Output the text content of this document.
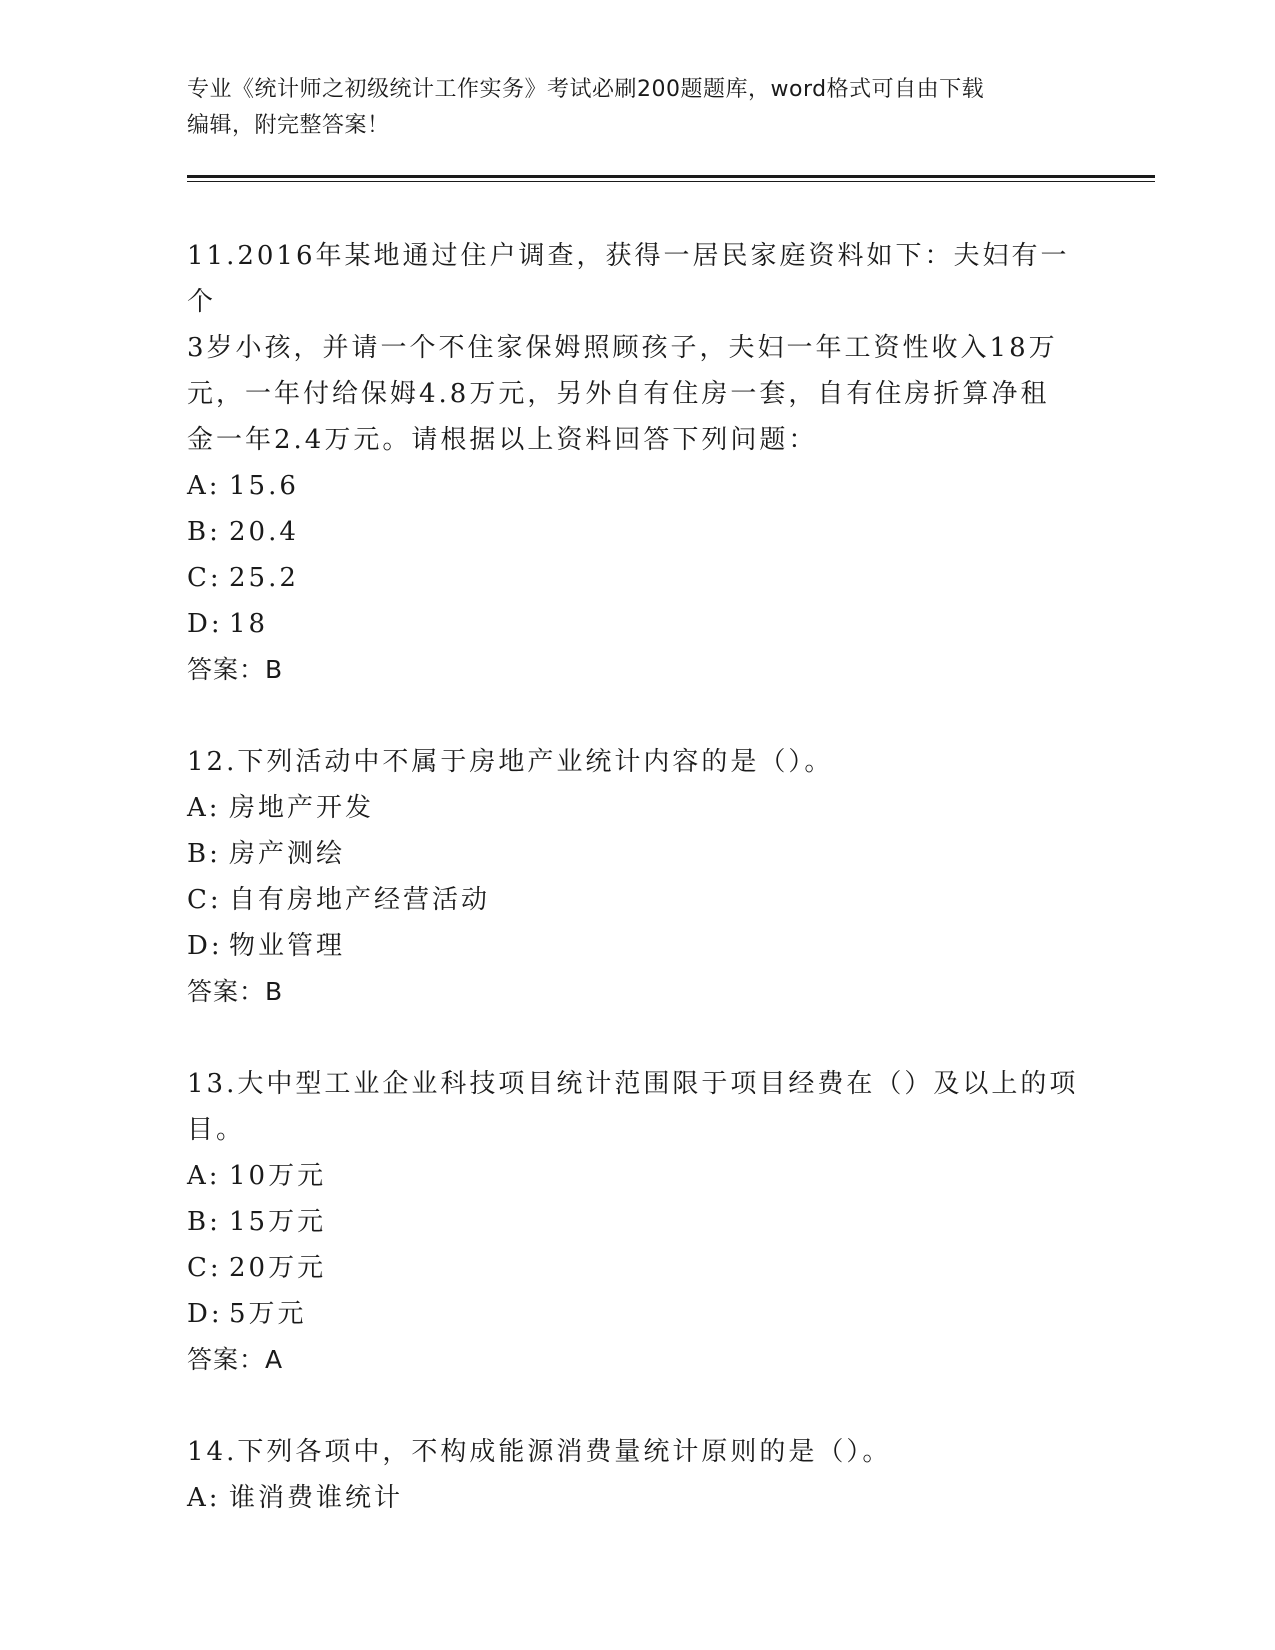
专业《统计师之初级统计工作实务》考试必刷200题题库，word格式可自由下载
编辑，附完整答案！

11.2016年某地通过住户调查，获得一居民家庭资料如下：夫妇有一个

3岁小孩，并请一个不住家保姆照顾孩子，夫妇一年工资性收入18万

元，一年付给保姆4.8万元，另外自有住房一套，自有住房折算净租

金一年2.4万元。请根据以上资料回答下列问题：

A: 15.6

B: 20.4

C: 25.2

D: 18

答案：B

12.下列活动中不属于房地产业统计内容的是（）。

A: 房地产开发

B: 房产测绘

C: 自有房地产经营活动

D: 物业管理

答案：B

13.大中型工业企业科技项目统计范围限于项目经费在（）及以上的项

目。

A: 10万元

B: 15万元

C: 20万元

D: 5万元

答案：A

14.下列各项中，不构成能源消费量统计原则的是（）。

A: 谁消费谁统计
